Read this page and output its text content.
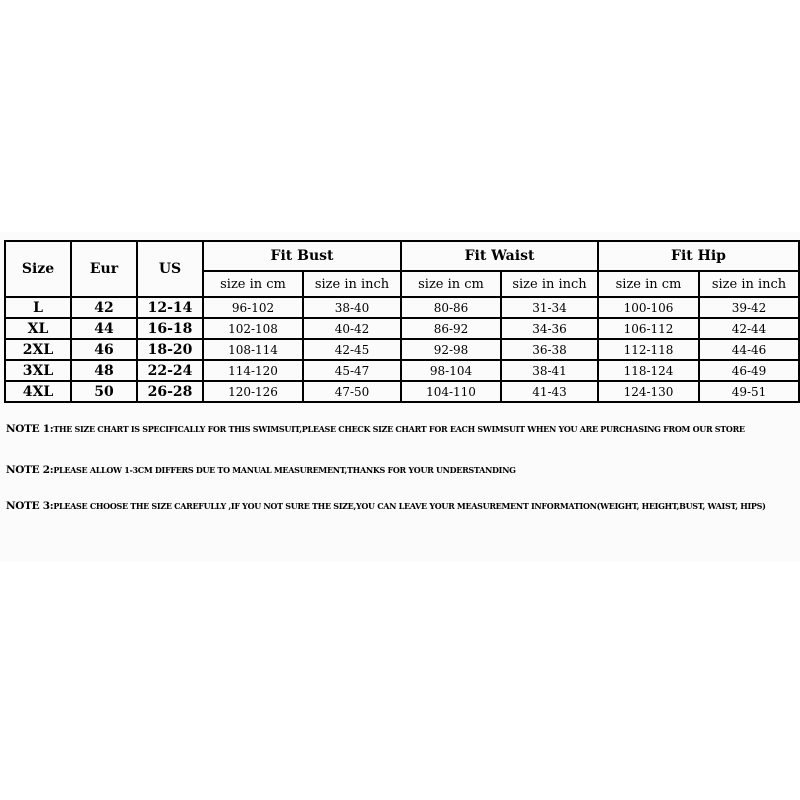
Size	Eur	US	Fit Bust		Fit Waist		Fit Hip	
			size in cm	size in inch	size in cm	size in inch	size in cm	size in inch
L	42	12-14	96-102	38-40	80-86	31-34	100-106	39-42
XL	44	16-18	102-108	40-42	86-92	34-36	106-112	42-44
2XL	46	18-20	108-114	42-45	92-98	36-38	112-118	44-46
3XL	48	22-24	114-120	45-47	98-104	38-41	118-124	46-49
4XL	50	26-28	120-126	47-50	104-110	41-43	124-130	49-51
NOTE 1:THE SIZE CHART IS SPECIFICALLY FOR THIS SWIMSUIT,PLEASE CHECK SIZE CHART FOR EACH SWIMSUIT WHEN YOU ARE PURCHASING FROM OUR STORE
NOTE 2:PLEASE ALLOW 1-3CM DIFFERS DUE TO MANUAL MEASUREMENT,THANKS FOR YOUR UNDERSTANDING
NOTE 3:PLEASE CHOOSE THE SIZE CAREFULLY ,IF YOU NOT SURE THE SIZE,YOU CAN LEAVE YOUR MEASUREMENT INFORMATION(WEIGHT, HEIGHT,BUST, WAIST, HIPS)
